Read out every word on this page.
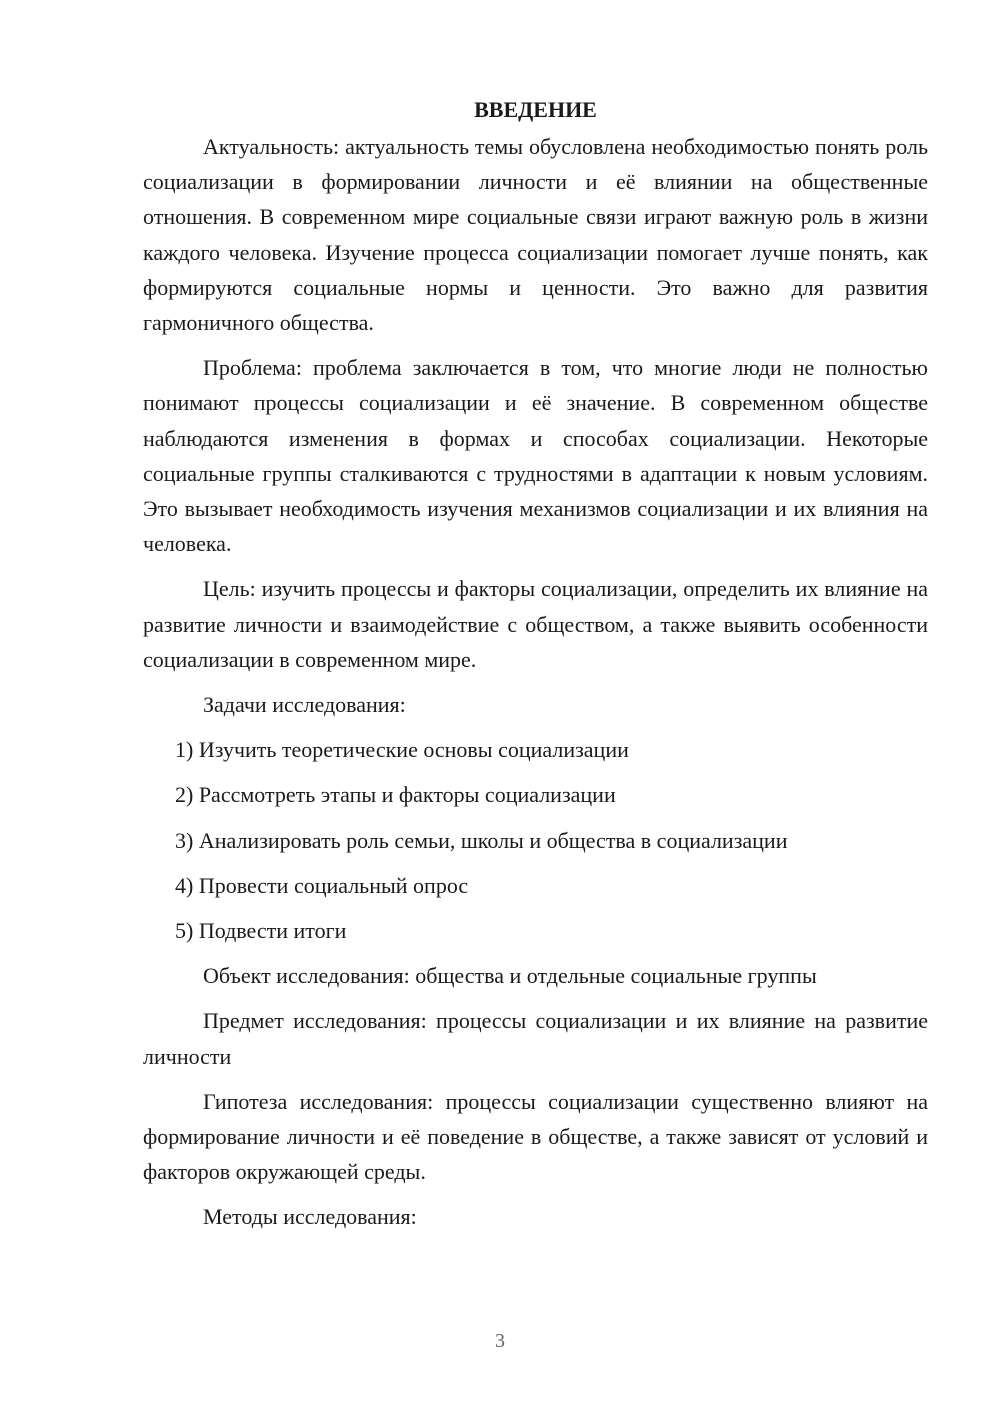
ВВЕДЕНИЕ

Актуальность: актуальность темы обусловлена необходимостью понять роль социализации в формировании личности и её влиянии на общественные отношения. В современном мире социальные связи играют важную роль в жизни каждого человека. Изучение процесса социализации помогает лучше понять, как формируются социальные нормы и ценности. Это важно для развития гармоничного общества.

Проблема: проблема заключается в том, что многие люди не полностью понимают процессы социализации и её значение. В современном обществе наблюдаются изменения в формах и способах социализации. Некоторые социальные группы сталкиваются с трудностями в адаптации к новым условиям. Это вызывает необходимость изучения механизмов социализации и их влияния на человека.

Цель: изучить процессы и факторы социализации, определить их влияние на развитие личности и взаимодействие с обществом, а также выявить особенности социализации в современном мире.

Задачи исследования:

1) Изучить теоретические основы социализации

2) Рассмотреть этапы и факторы социализации

3) Анализировать роль семьи, школы и общества в социализации

4) Провести социальный опрос

5) Подвести итоги

Объект исследования: общества и отдельные социальные группы

Предмет исследования: процессы социализации и их влияние на развитие личности

Гипотеза исследования: процессы социализации существенно влияют на формирование личности и её поведение в обществе, а также зависят от условий и факторов окружающей среды.

Методы исследования:

3
